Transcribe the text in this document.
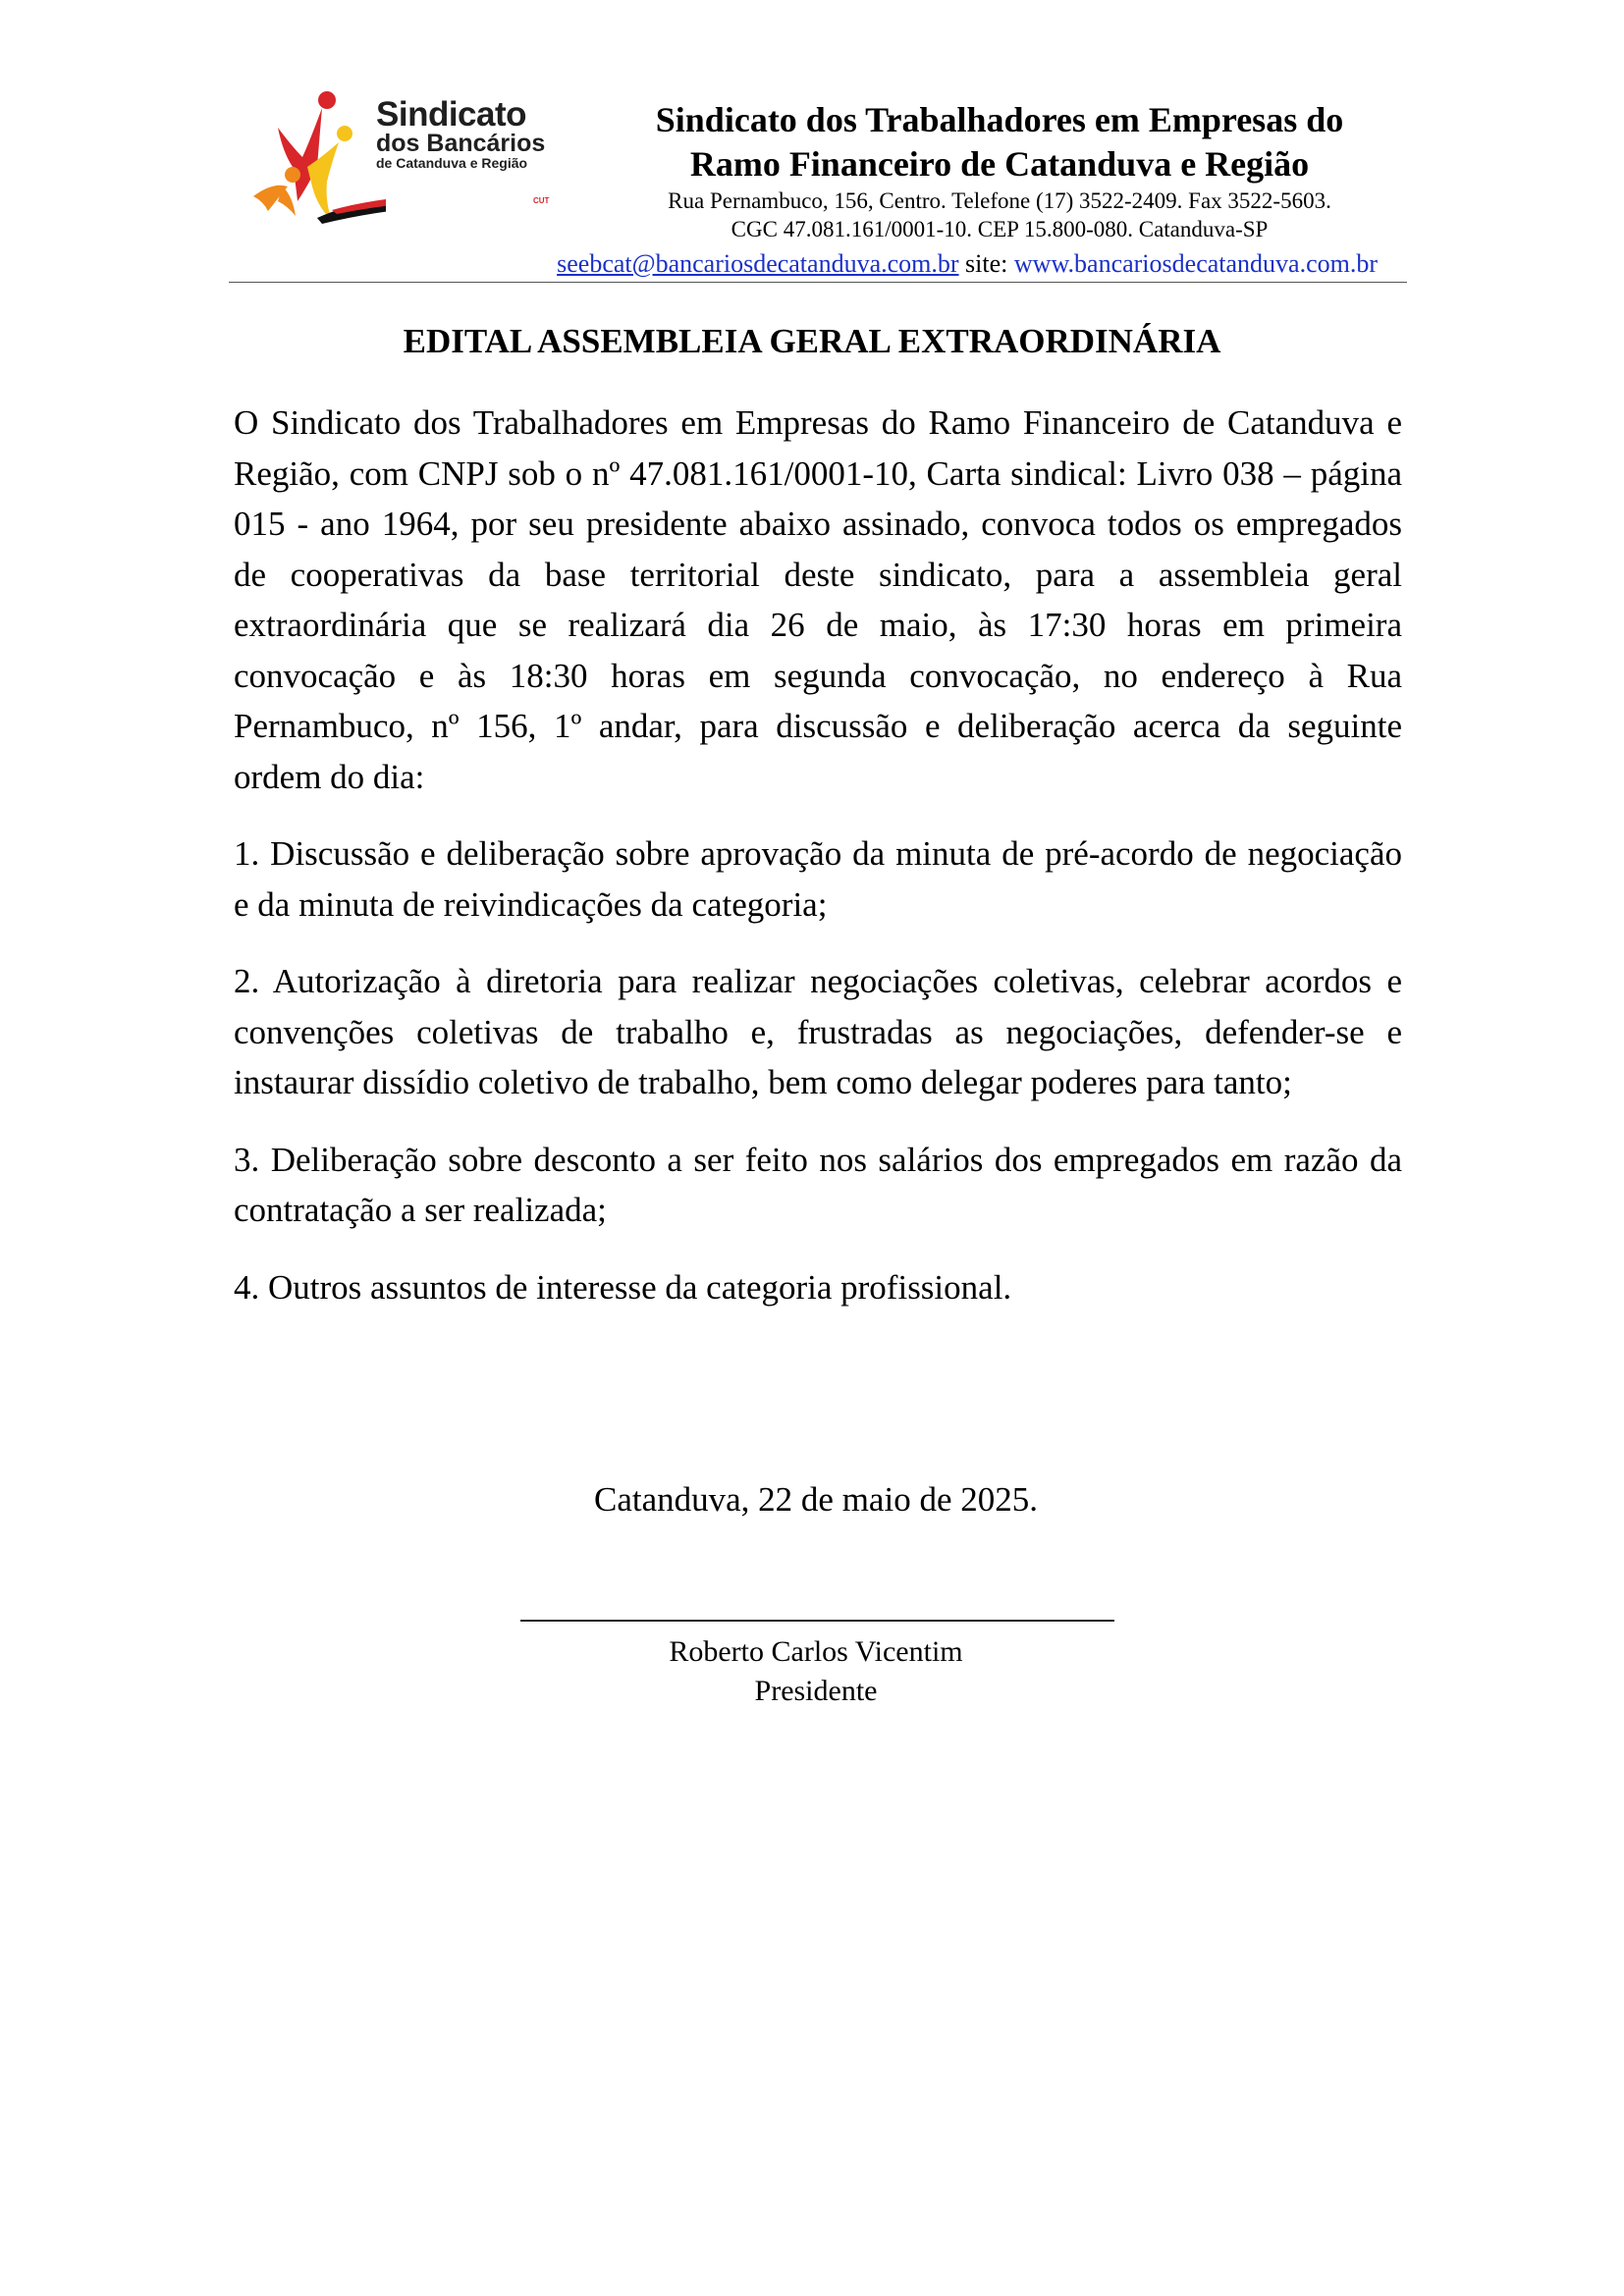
Sindicato
dos Bancários
de Catanduva e Região
CUT
Sindicato dos Trabalhadores em Empresas do
Ramo Financeiro de Catanduva e Região
Rua Pernambuco, 156, Centro. Telefone (17) 3522-2409. Fax 3522-5603.
CGC 47.081.161/0001-10. CEP 15.800-080. Catanduva-SP
seebcat@bancariosdecatanduva.com.br site: www.bancariosdecatanduva.com.br
EDITAL ASSEMBLEIA GERAL EXTRAORDINÁRIA

O Sindicato dos Trabalhadores em Empresas do Ramo Financeiro de Catanduva e Região, com CNPJ sob o nº 47.081.161/0001-10, Carta sindical: Livro 038 – página 015 - ano 1964, por seu presidente abaixo assinado, convoca todos os empregados de cooperativas da base territorial deste sindicato, para a assembleia geral extraordinária que se realizará dia 26 de maio, às 17:30 horas em primeira convocação e às 18:30 horas em segunda convocação, no endereço à Rua Pernambuco, nº 156, 1º andar, para discussão e deliberação acerca da seguinte ordem do dia:

1. Discussão e deliberação sobre aprovação da minuta de pré-acordo de negociação e da minuta de reivindicações da categoria;

2. Autorização à diretoria para realizar negociações coletivas, celebrar acordos e convenções coletivas de trabalho e, frustradas as negociações, defender-se e instaurar dissídio coletivo de trabalho, bem como delegar poderes para tanto;

3. Deliberação sobre desconto a ser feito nos salários dos empregados em razão da contratação a ser realizada;

4. Outros assuntos de interesse da categoria profissional.

Catanduva, 22 de maio de 2025.
Roberto Carlos Vicentim
Presidente
